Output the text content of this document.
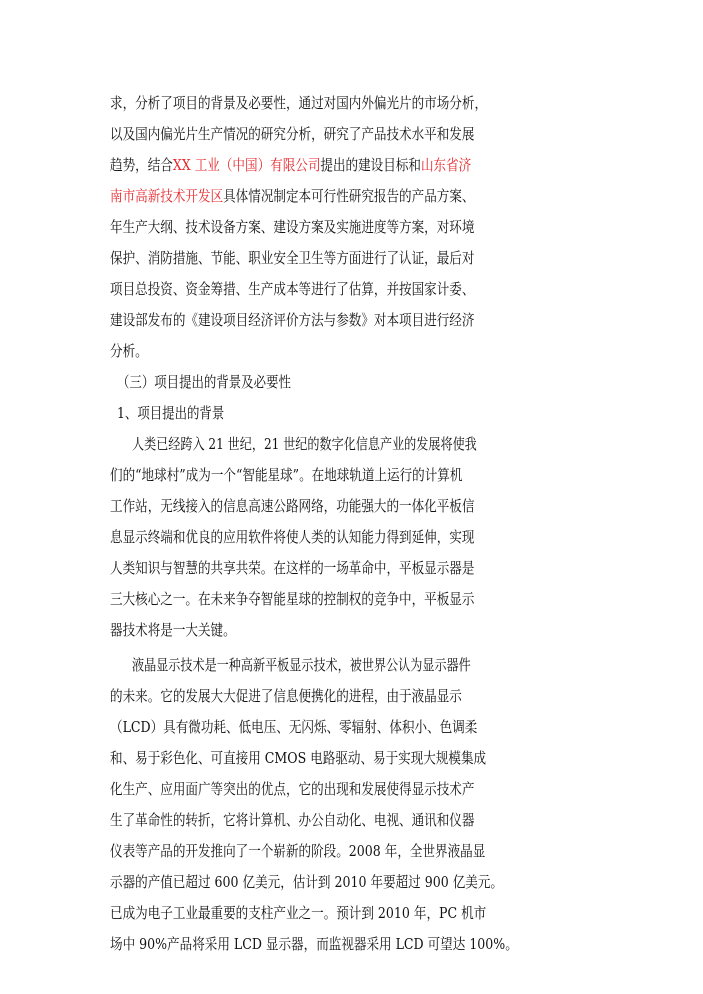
求，分析了项目的背景及必要性，通过对国内外偏光片的市场分析，
以及国内偏光片生产情况的研究分析，研究了产品技术水平和发展
趋势，结合XX 工业（中国）有限公司提出的建设目标和山东省济
南市高新技术开发区具体情况制定本可行性研究报告的产品方案、
年生产大纲、技术设备方案、建设方案及实施进度等方案，对环境
保护、消防措施、节能、职业安全卫生等方面进行了认证，最后对
项目总投资、资金筹措、生产成本等进行了估算，并按国家计委、
建设部发布的《建设项目经济评价方法与参数》对本项目进行经济
分析。
（三）项目提出的背景及必要性
1、项目提出的背景
人类已经跨入 21 世纪，21 世纪的数字化信息产业的发展将使我
们的“地球村”成为一个“智能星球”。在地球轨道上运行的计算机
工作站，无线接入的信息高速公路网络，功能强大的一体化平板信
息显示终端和优良的应用软件将使人类的认知能力得到延伸，实现
人类知识与智慧的共享共荣。在这样的一场革命中，平板显示器是
三大核心之一。在未来争夺智能星球的控制权的竞争中，平板显示
器技术将是一大关键。
液晶显示技术是一种高新平板显示技术，被世界公认为显示器件
的未来。它的发展大大促进了信息便携化的进程，由于液晶显示
（LCD）具有微功耗、低电压、无闪烁、零辐射、体积小、色调柔
和、易于彩色化、可直接用 CMOS 电路驱动、易于实现大规模集成
化生产、应用面广等突出的优点，它的出现和发展使得显示技术产
生了革命性的转折，它将计算机、办公自动化、电视、通讯和仪器
仪表等产品的开发推向了一个崭新的阶段。2008 年，全世界液晶显
示器的产值已超过 600 亿美元，估计到 2010 年要超过 900 亿美元。
已成为电子工业最重要的支柱产业之一。预计到 2010 年，PC 机市
场中 90%产品将采用 LCD 显示器，而监视器采用 LCD 可望达 100%。
